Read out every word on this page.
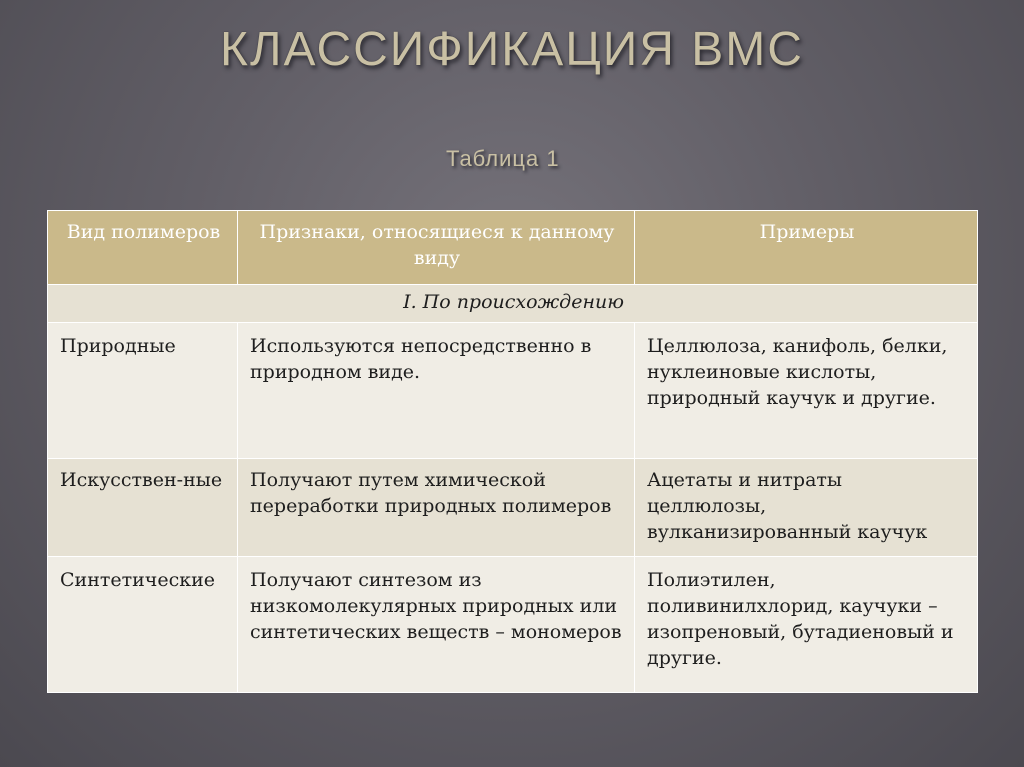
КЛАССИФИКАЦИЯ ВМС
Таблица 1
Вид полимеров	Признаки, относящиеся к данному виду	Примеры
I. По происхождению		
Природные	Используются непосредственно в природном виде.	Целлюлоза, канифоль, белки, нуклеиновые кислоты, природный каучук и другие.
Искусствен-ные	Получают путем химической переработки природных полимеров	Ацетаты и нитраты целлюлозы, вулканизированный каучук
Синтетические	Получают синтезом из низкомолекулярных природных или синтетических веществ – мономеров	Полиэтилен, поливинилхлорид, каучуки – изопреновый, бутадиеновый и другие.
